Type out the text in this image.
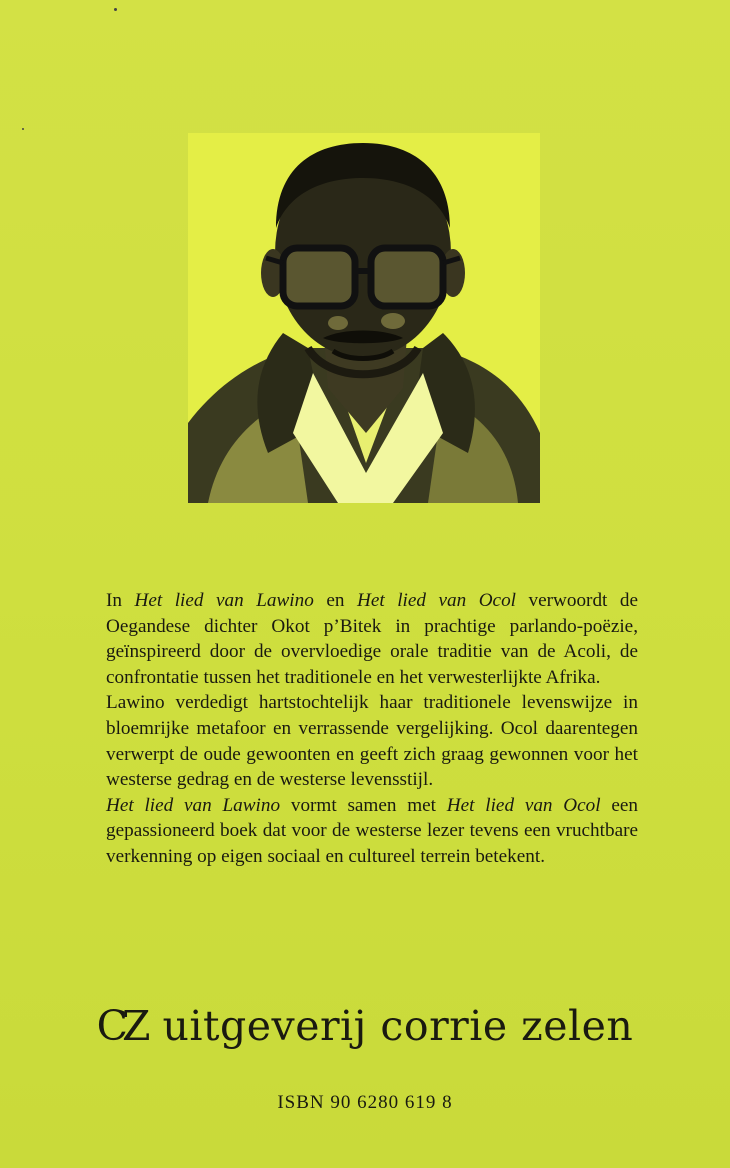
In Het lied van Lawino en Het lied van Ocol verwoordt de Oegandese dichter Okot p’Bitek in prachtige parlando-poëzie, geïnspireerd door de overvloedige orale traditie van de Acoli, de confrontatie tussen het traditionele en het verwesterlijkte Afrika.

Lawino verdedigt hartstochtelijk haar traditionele levenswijze in bloemrijke metafoor en verrassende vergelijking. Ocol daarentegen verwerpt de oude gewoonten en geeft zich graag gewonnen voor het westerse gedrag en de westerse levensstijl.

Het lied van Lawino vormt samen met Het lied van Ocol een gepassioneerd boek dat voor de westerse lezer tevens een vruchtbare verkenning op eigen sociaal en cultureel terrein betekent.

CZ uitgeverij corrie zelen
ISBN 90 6280 619 8
